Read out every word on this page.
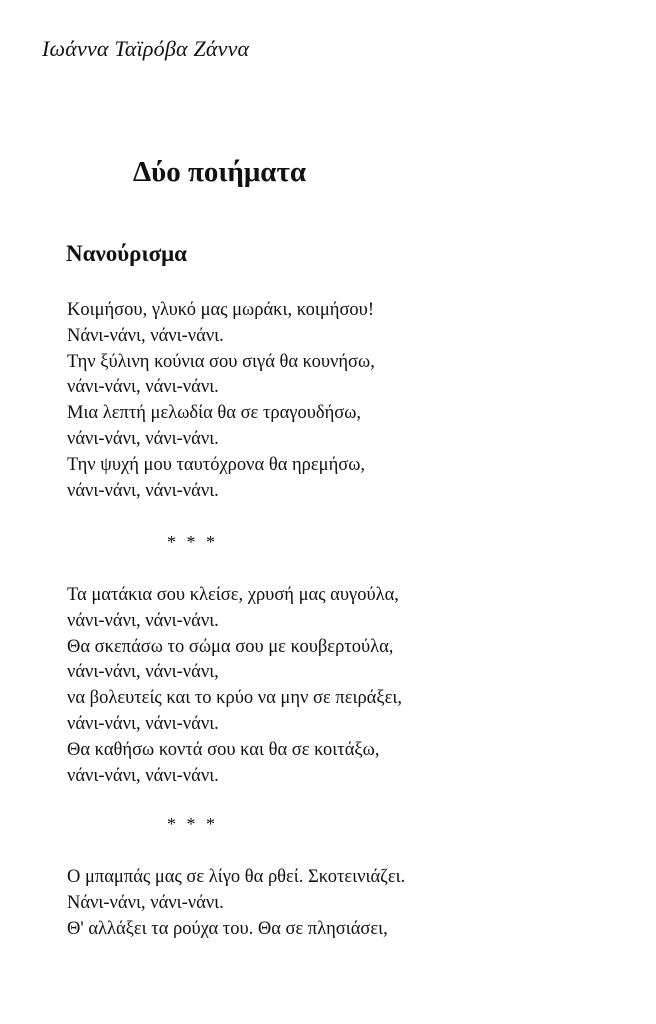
Ιωάννα Ταϊρόβα Ζάννα
Δύο ποιήματα
Νανούρισμα
Κοιμήσου, γλυκό μας μωράκι, κοιμήσου!
Νάνι-νάνι, νάνι-νάνι.
Την ξύλινη κούνια σου σιγά θα κουνήσω,
νάνι-νάνι, νάνι-νάνι.
Μια λεπτή μελωδία θα σε τραγουδήσω,
νάνι-νάνι, νάνι-νάνι.
Την ψυχή μου ταυτόχρονα θα ηρεμήσω,
νάνι-νάνι, νάνι-νάνι.
* * *
Τα ματάκια σου κλείσε, χρυσή μας αυγούλα,
νάνι-νάνι, νάνι-νάνι.
Θα σκεπάσω το σώμα σου με κουβερτούλα,
νάνι-νάνι, νάνι-νάνι,
να βολευτείς και το κρύο να μην σε πειράξει,
νάνι-νάνι, νάνι-νάνι.
Θα καθήσω κοντά σου και θα σε κοιτάξω,
νάνι-νάνι, νάνι-νάνι.
* * *
Ο μπαμπάς μας σε λίγο θα ρθεί. Σκοτεινιάζει.
Νάνι-νάνι, νάνι-νάνι.
Θ' αλλάξει τα ρούχα του. Θα σε πλησιάσει,
